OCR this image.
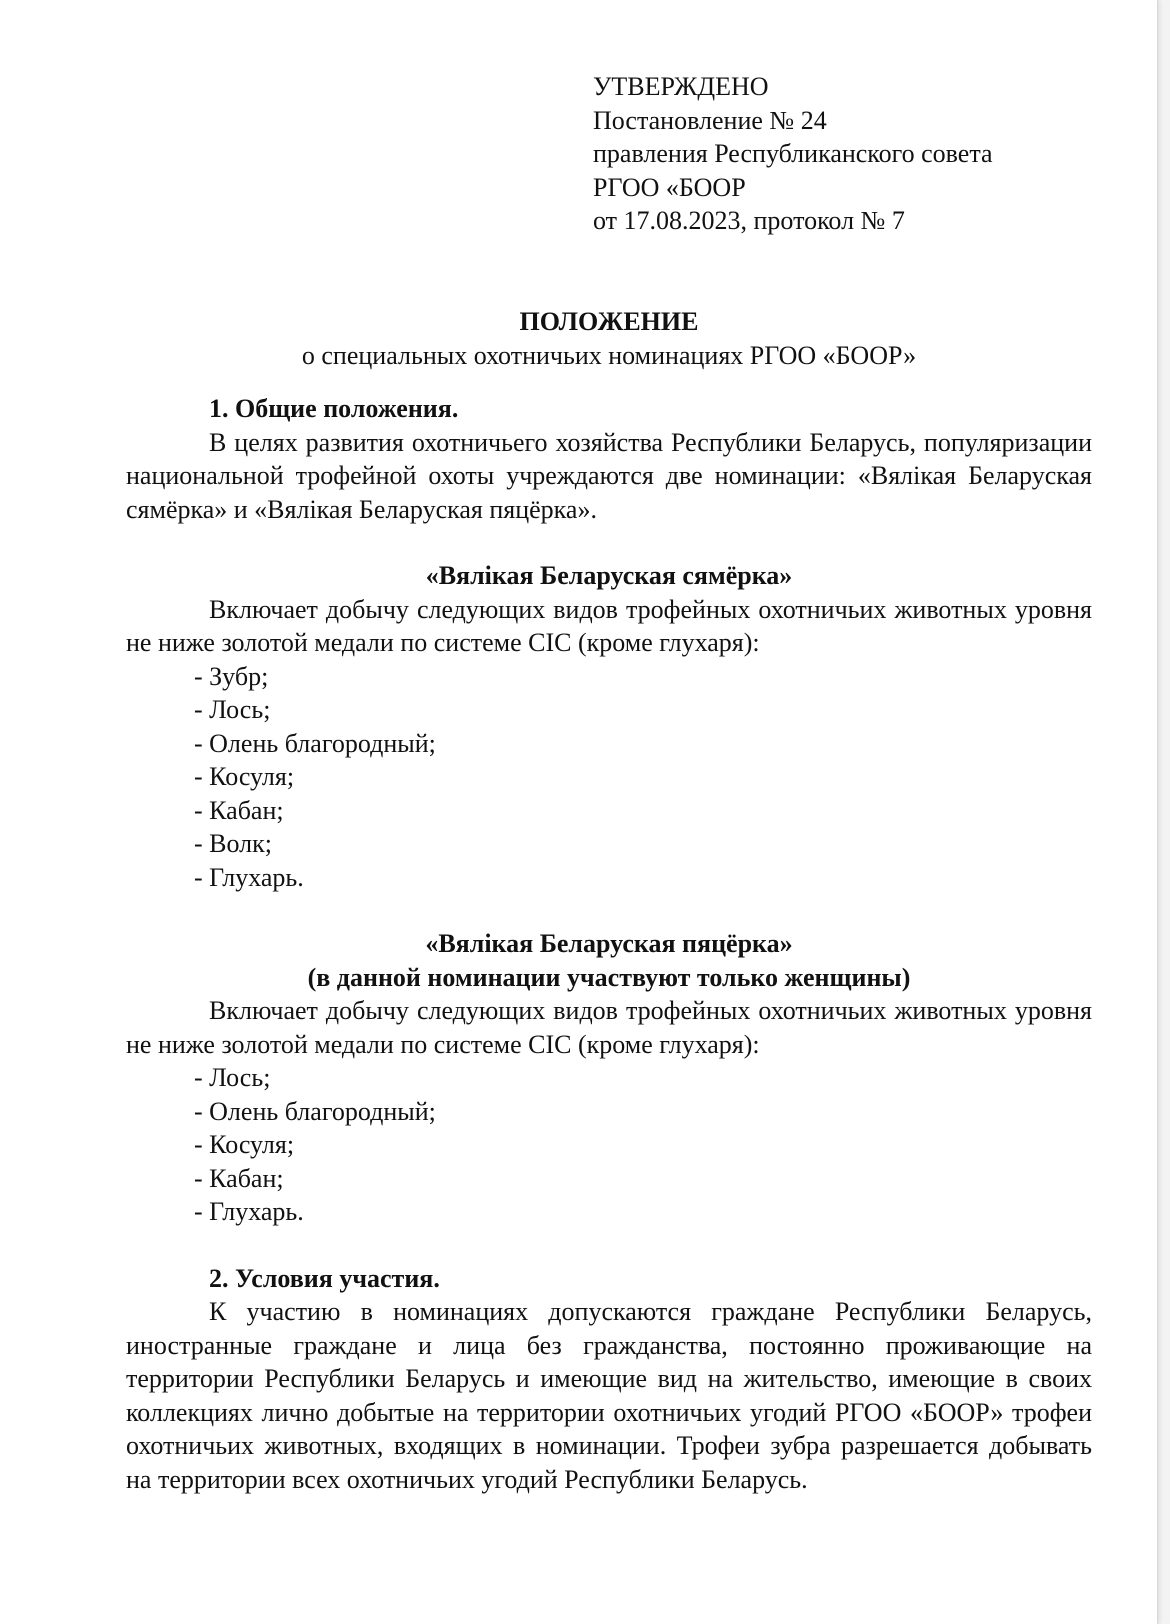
УТВЕРЖДЕНО
Постановление № 24
правления Республиканского совета
РГОО «БООР
от 17.08.2023, протокол № 7
ПОЛОЖЕНИЕ
о специальных охотничьих номинациях РГОО «БООР»
1. Общие положения.

В целях развития охотничьего хозяйства Республики Беларусь, популяризации национальной трофейной охоты учреждаются две номинации: «Вялікая Беларуская сямёрка» и «Вялікая Беларуская пяцёрка».

«Вялікая Беларуская сямёрка»

Включает добычу следующих видов трофейных охотничьих животных уровня не ниже золотой медали по системе CIC (кроме глухаря):

- Зубр;
- Лось;
- Олень благородный;
- Косуля;
- Кабан;
- Волк;
- Глухарь.
«Вялікая Беларуская пяцёрка»
(в данной номинации участвуют только женщины)

Включает добычу следующих видов трофейных охотничьих животных уровня не ниже золотой медали по системе CIC (кроме глухаря):

- Лось;
- Олень благородный;
- Косуля;
- Кабан;
- Глухарь.
2. Условия участия.

К участию в номинациях допускаются граждане Республики Беларусь, иностранные граждане и лица без гражданства, постоянно проживающие на территории Республики Беларусь и имеющие вид на жительство, имеющие в своих коллекциях лично добытые на территории охотничьих угодий РГОО «БООР» трофеи охотничьих животных, входящих в номинации. Трофеи зубра разрешается добывать на территории всех охотничьих угодий Республики Беларусь.
